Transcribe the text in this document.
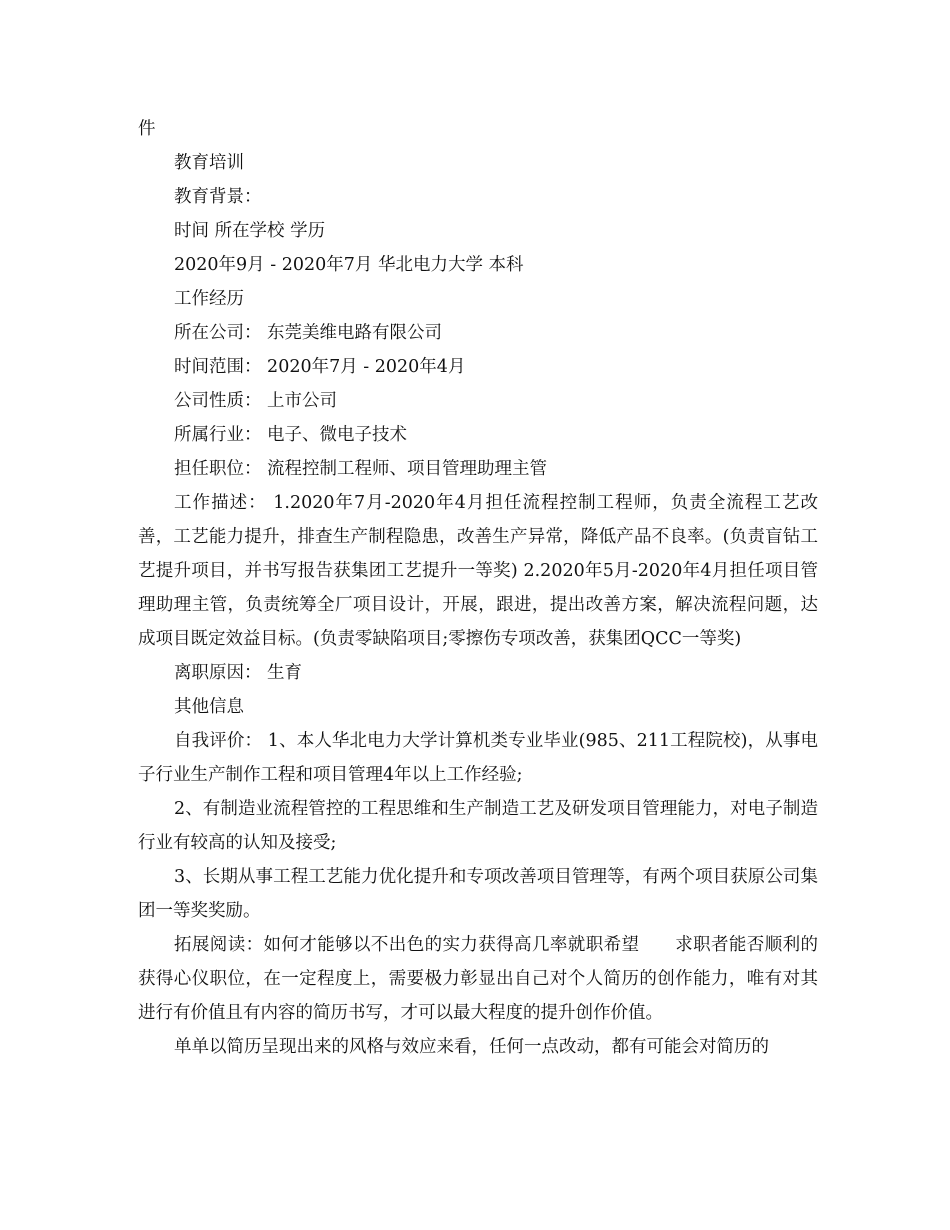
件

教育培训

教育背景：

时间 所在学校 学历

2020年9月 - 2020年7月 华北电力大学 本科

工作经历

所在公司： 东莞美维电路有限公司

时间范围： 2020年7月 - 2020年4月

公司性质： 上市公司

所属行业： 电子、微电子技术

担任职位： 流程控制工程师、项目管理助理主管

工作描述： 1.2020年7月-2020年4月担任流程控制工程师，负责全流程工艺改善，工艺能力提升，排查生产制程隐患，改善生产异常，降低产品不良率。(负责盲钻工艺提升项目，并书写报告获集团工艺提升一等奖) 2.2020年5月-2020年4月担任项目管理助理主管，负责统筹全厂项目设计，开展，跟进，提出改善方案，解决流程问题，达成项目既定效益目标。(负责零缺陷项目;零擦伤专项改善，获集团QCC一等奖)

离职原因： 生育

其他信息

自我评价： 1、本人华北电力大学计算机类专业毕业(985、211工程院校)，从事电子行业生产制作工程和项目管理4年以上工作经验;

2、有制造业流程管控的工程思维和生产制造工艺及研发项目管理能力，对电子制造行业有较高的认知及接受;

3、长期从事工程工艺能力优化提升和专项改善项目管理等，有两个项目获原公司集团一等奖奖励。

拓展阅读：如何才能够以不出色的实力获得高几率就职希望　　求职者能否顺利的获得心仪职位，在一定程度上，需要极力彰显出自己对个人简历的创作能力，唯有对其进行有价值且有内容的简历书写，才可以最大程度的提升创作价值。

单单以简历呈现出来的风格与效应来看，任何一点改动，都有可能会对简历的
